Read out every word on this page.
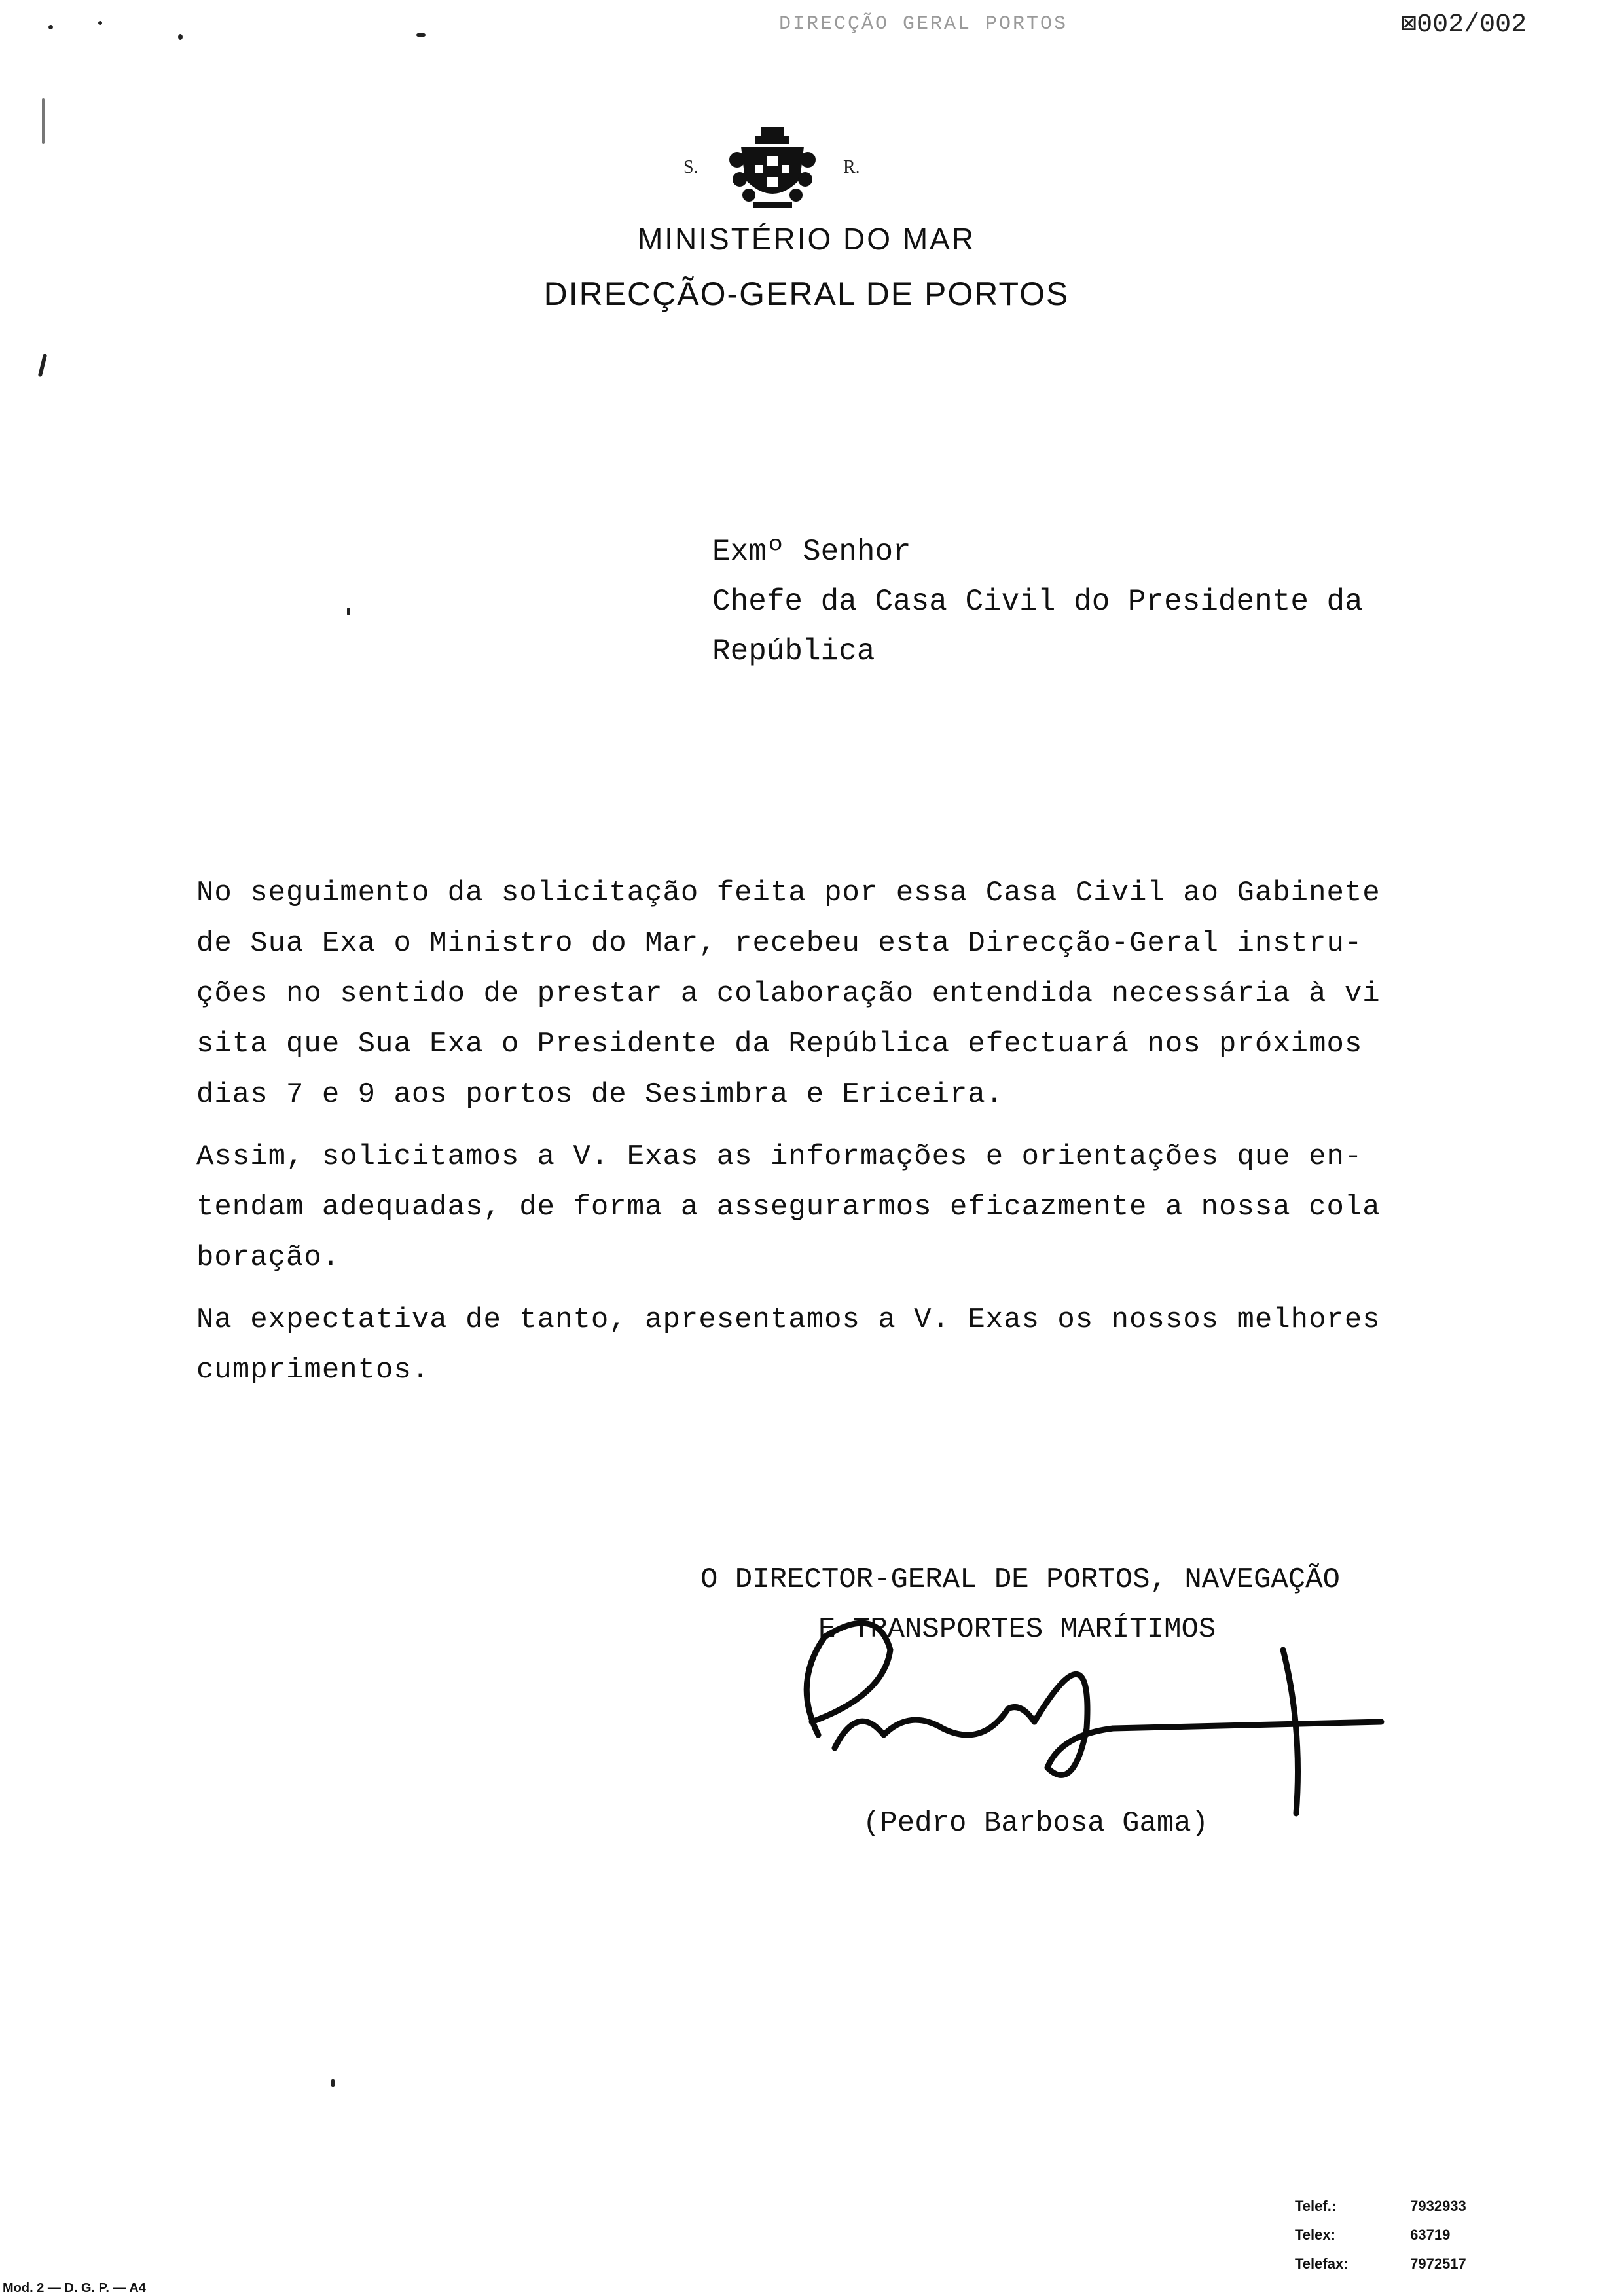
DIRECÇÃO GERAL PORTOS	⊠002/002
S.	R.
MINISTÉRIO DO MAR
DIRECÇÃO-GERAL DE PORTOS
Exmº Senhor
Chefe da Casa Civil do Presidente da
República
No seguimento da solicitação feita por essa Casa Civil ao Gabinete
de Sua Exa o Ministro do Mar, recebeu esta Direcção-Geral instru-
ções no sentido de prestar a colaboração entendida necessária à vi
sita que Sua Exa o Presidente da República efectuará nos próximos
dias 7 e 9 aos portos de Sesimbra e Ericeira.
Assim, solicitamos a V. Exas as informações e orientações que en-
tendam adequadas, de forma a assegurarmos eficazmente a nossa cola
boração.
Na expectativa de tanto, apresentamos a V. Exas os nossos melhores
cumprimentos.
O DIRECTOR-GERAL DE PORTOS, NAVEGAÇÃO
E TRANSPORTES MARÍTIMOS
(Pedro Barbosa Gama)
Mod. 2 — D. G. P. — A4
Telef.:	7932933
Telex:	63719
Telefax:	7972517
